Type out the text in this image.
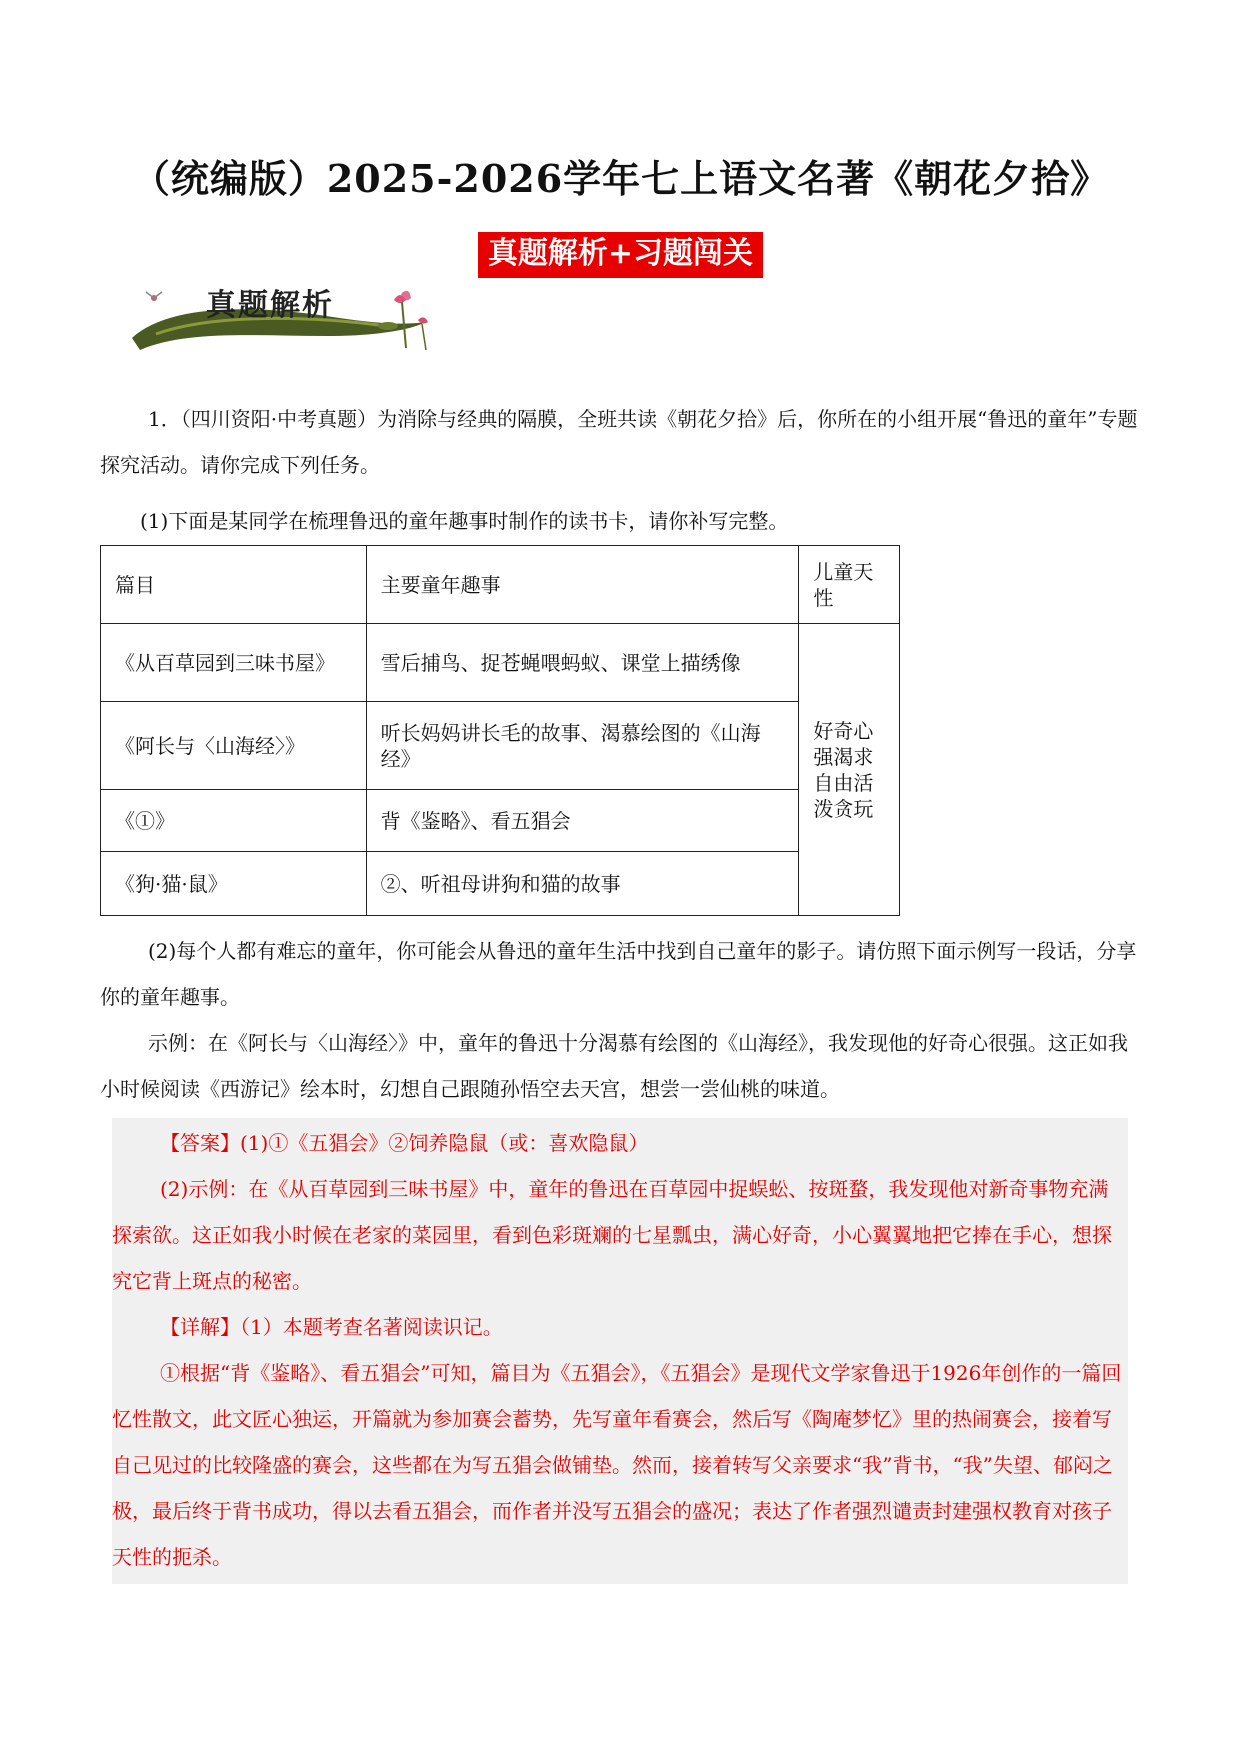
（统编版）2025-2026学年七上语文名著《朝花夕拾》
真题解析+习题闯关
真题解析

1．（四川资阳·中考真题）为消除与经典的隔膜，全班共读《朝花夕拾》后，你所在的小组开展“鲁迅的童年”专题探究活动。请你完成下列任务。

(1)下面是某同学在梳理鲁迅的童年趣事时制作的读书卡，请你补写完整。

篇目	主要童年趣事	儿童天性
《从百草园到三味书屋》	雪后捕鸟、捉苍蝇喂蚂蚁、课堂上描绣像	好奇心强渴求自由活泼贪玩
《阿长与〈山海经〉》	听长妈妈讲长毛的故事、渴慕绘图的《山海经》	
《①》	背《鉴略》、看五猖会	
《狗·猫·鼠》	②、听祖母讲狗和猫的故事	

(2)每个人都有难忘的童年，你可能会从鲁迅的童年生活中找到自己童年的影子。请仿照下面示例写一段话，分享你的童年趣事。

示例：在《阿长与〈山海经〉》中，童年的鲁迅十分渴慕有绘图的《山海经》，我发现他的好奇心很强。这正如我小时候阅读《西游记》绘本时，幻想自己跟随孙悟空去天宫，想尝一尝仙桃的味道。

【答案】(1)①《五猖会》②饲养隐鼠（或：喜欢隐鼠）

(2)示例：在《从百草园到三味书屋》中，童年的鲁迅在百草园中捉蜈蚣、按斑蝥，我发现他对新奇事物充满探索欲。这正如我小时候在老家的菜园里，看到色彩斑斓的七星瓢虫，满心好奇，小心翼翼地把它捧在手心，想探究它背上斑点的秘密。

【详解】（1）本题考查名著阅读识记。

①根据“背《鉴略》、看五猖会”可知，篇目为《五猖会》，《五猖会》是现代文学家鲁迅于1926年创作的一篇回忆性散文，此文匠心独运，开篇就为参加赛会蓄势，先写童年看赛会，然后写《陶庵梦忆》里的热闹赛会，接着写自己见过的比较隆盛的赛会，这些都在为写五猖会做铺垫。然而，接着转写父亲要求“我”背书，“我”失望、郁闷之极，最后终于背书成功，得以去看五猖会，而作者并没写五猖会的盛况；表达了作者强烈谴责封建强权教育对孩子天性的扼杀。
